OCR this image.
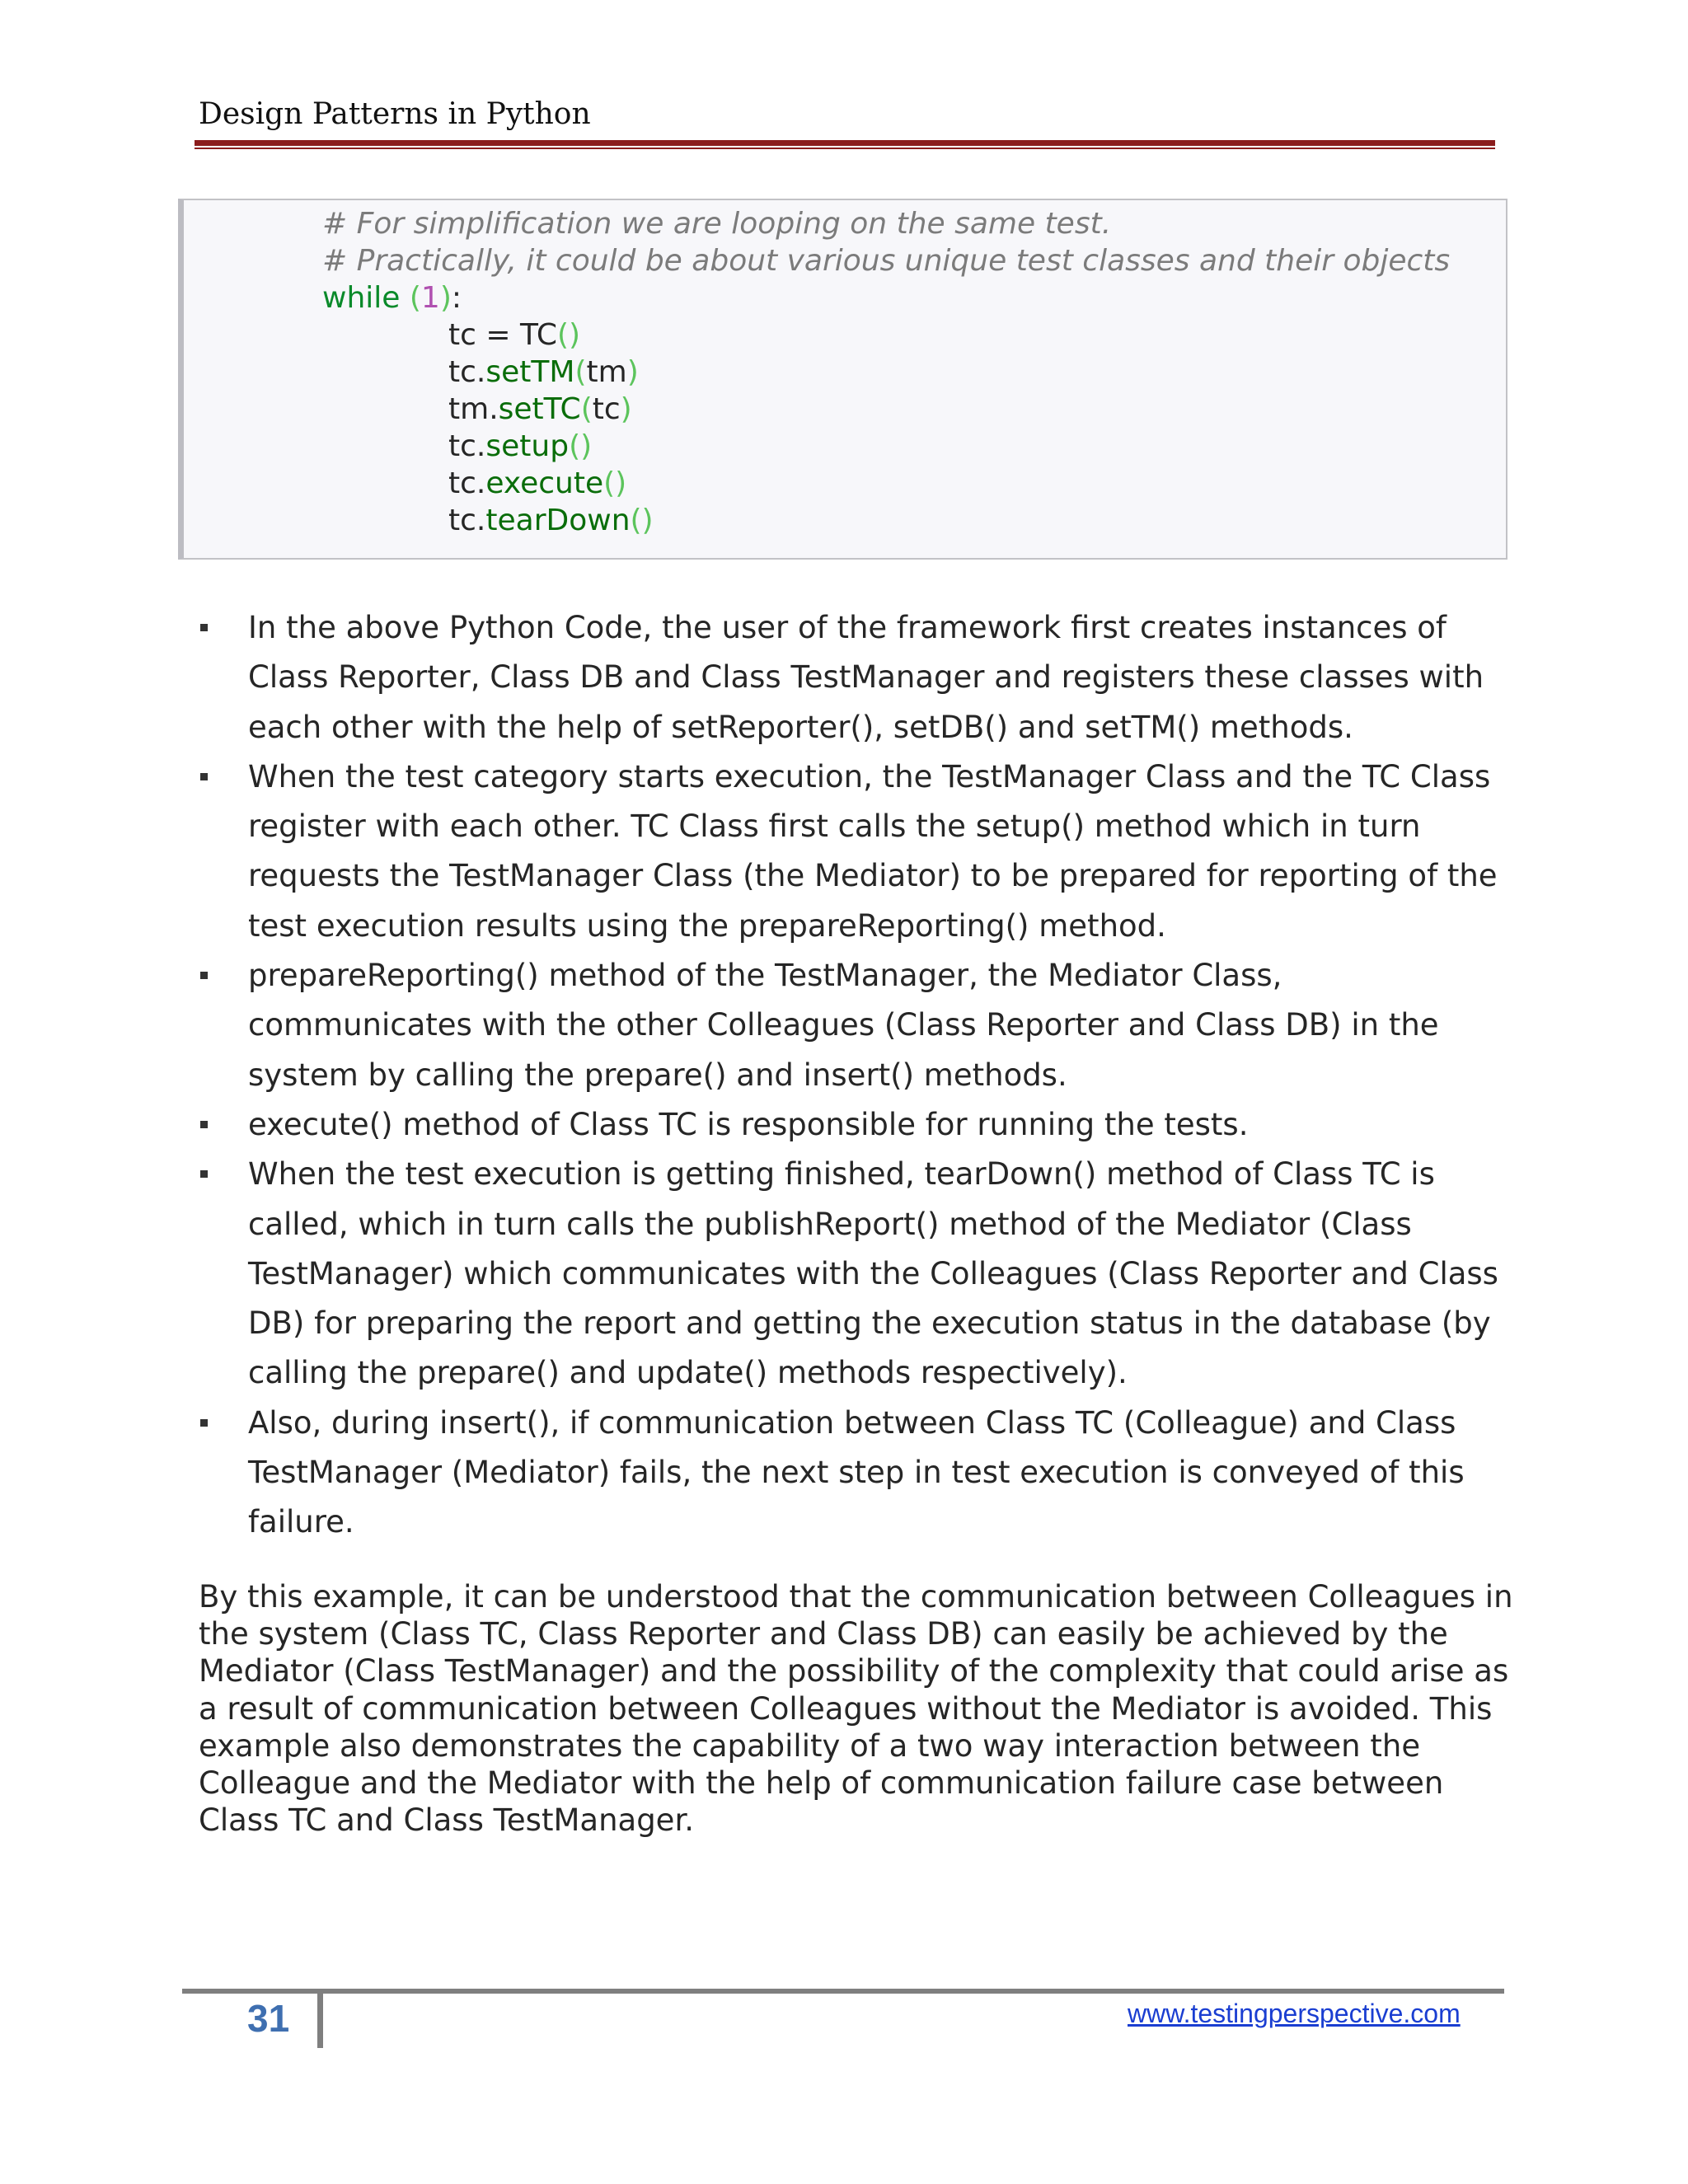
Design Patterns in Python
# For simplification we are looping on the same test.
# Practically, it could be about various unique test classes and their objects
while (1):
tc = TC()
tc.setTM(tm)
tm.setTC(tc)
tc.setup()
tc.execute()
tc.tearDown()
In the above Python Code, the user of the framework first creates instances of Class Reporter, Class DB and Class TestManager and registers these classes with each other with the help of setReporter(), setDB() and setTM() methods.
When the test category starts execution, the TestManager Class and the TC Class register with each other. TC Class first calls the setup() method which in turn requests the TestManager Class (the Mediator) to be prepared for reporting of the test execution results using the prepareReporting() method.
prepareReporting() method of the TestManager, the Mediator Class, communicates with the other Colleagues (Class Reporter and Class DB) in the system by calling the prepare() and insert() methods.
execute() method of Class TC is responsible for running the tests.
When the test execution is getting finished, tearDown() method of Class TC is called, which in turn calls the publishReport() method of the Mediator (Class TestManager) which communicates with the Colleagues (Class Reporter and Class DB) for preparing the report and getting the execution status in the database (by calling the prepare() and update() methods respectively).
Also, during insert(), if communication between Class TC (Colleague) and Class TestManager (Mediator) fails, the next step in test execution is conveyed of this failure.
By this example, it can be understood that the communication between Colleagues in the system (Class TC, Class Reporter and Class DB) can easily be achieved by the Mediator (Class TestManager) and the possibility of the complexity that could arise as a result of communication between Colleagues without the Mediator is avoided. This example also demonstrates the capability of a two way interaction between the Colleague and the Mediator with the help of communication failure case between Class TC and Class TestManager.
31	www.testingperspective.com
